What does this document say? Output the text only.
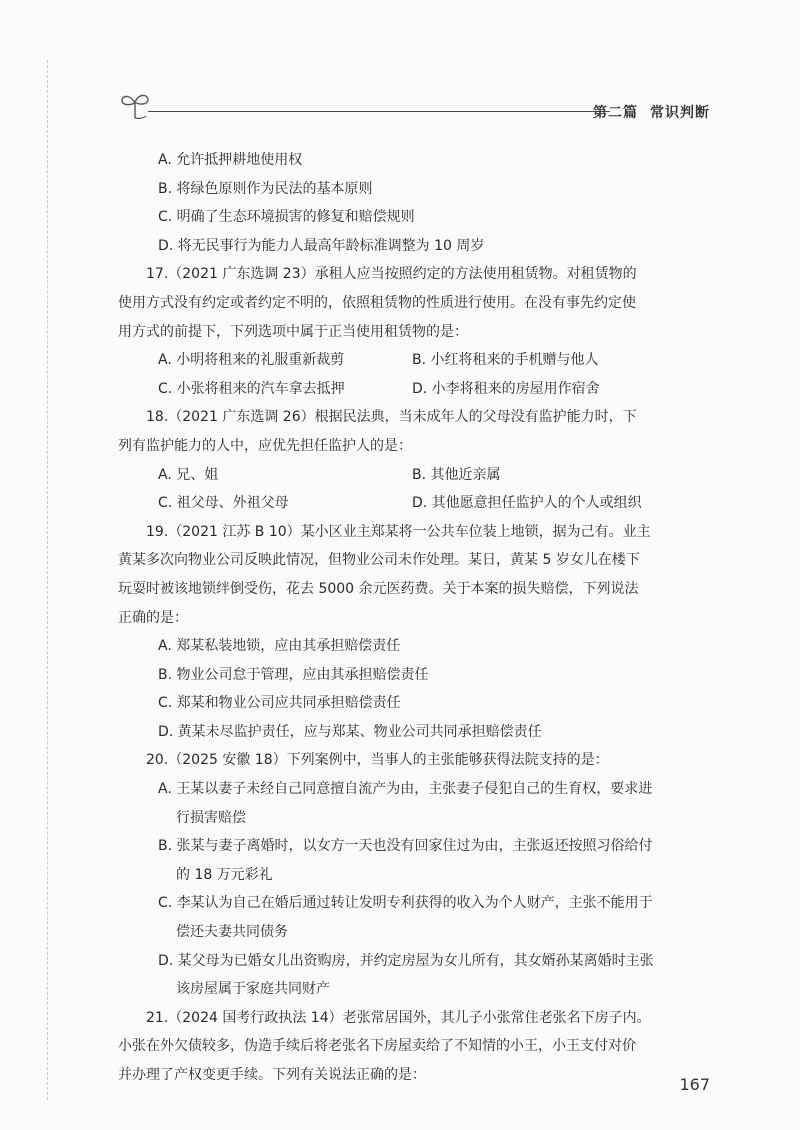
第二篇 常识判断
A. 允许抵押耕地使用权
B. 将绿色原则作为民法的基本原则
C. 明确了生态环境损害的修复和赔偿规则
D. 将无民事行为能力人最高年龄标准调整为 10 周岁
17.（2021 广东选调 23）承租人应当按照约定的方法使用租赁物。对租赁物的
使用方式没有约定或者约定不明的，依照租赁物的性质进行使用。在没有事先约定使
用方式的前提下，下列选项中属于正当使用租赁物的是：
A. 小明将租来的礼服重新裁剪	B. 小红将租来的手机赠与他人
C. 小张将租来的汽车拿去抵押	D. 小李将租来的房屋用作宿舍
18.（2021 广东选调 26）根据民法典，当未成年人的父母没有监护能力时，下
列有监护能力的人中，应优先担任监护人的是：
A. 兄、姐	B. 其他近亲属
C. 祖父母、外祖父母	D. 其他愿意担任监护人的个人或组织
19.（2021 江苏 B 10）某小区业主郑某将一公共车位装上地锁，据为己有。业主
黄某多次向物业公司反映此情况，但物业公司未作处理。某日，黄某 5 岁女儿在楼下
玩耍时被该地锁绊倒受伤，花去 5000 余元医药费。关于本案的损失赔偿，下列说法
正确的是：
A. 郑某私装地锁，应由其承担赔偿责任
B. 物业公司怠于管理，应由其承担赔偿责任
C. 郑某和物业公司应共同承担赔偿责任
D. 黄某未尽监护责任，应与郑某、物业公司共同承担赔偿责任
20.（2025 安徽 18）下列案例中，当事人的主张能够获得法院支持的是：
A. 王某以妻子未经自己同意擅自流产为由，主张妻子侵犯自己的生育权，要求进
行损害赔偿
B. 张某与妻子离婚时，以女方一天也没有回家住过为由，主张返还按照习俗给付
的 18 万元彩礼
C. 李某认为自己在婚后通过转让发明专利获得的收入为个人财产，主张不能用于
偿还夫妻共同债务
D. 某父母为已婚女儿出资购房，并约定房屋为女儿所有，其女婿孙某离婚时主张
该房屋属于家庭共同财产
21.（2024 国考行政执法 14）老张常居国外，其儿子小张常住老张名下房子内。
小张在外欠债较多，伪造手续后将老张名下房屋卖给了不知情的小王，小王支付对价
并办理了产权变更手续。下列有关说法正确的是：	167
